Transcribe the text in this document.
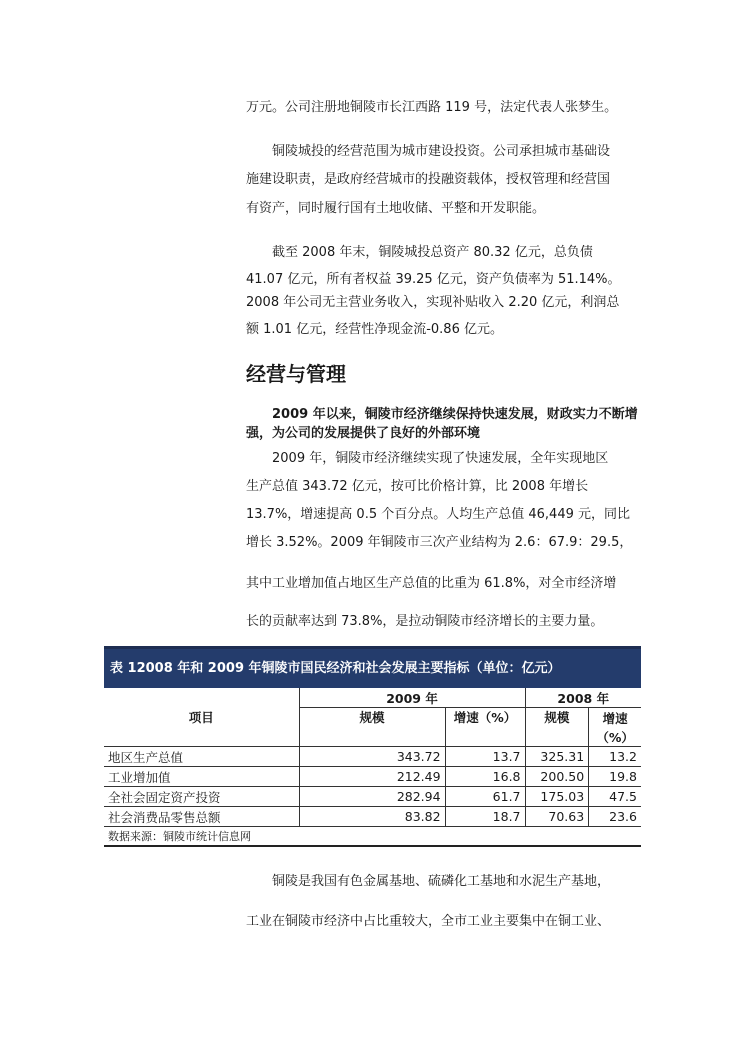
万元。公司注册地铜陵市长江西路 119 号，法定代表人张梦生。

铜陵城投的经营范围为城市建设投资。公司承担城市基础设

施建设职责，是政府经营城市的投融资载体，授权管理和经营国

有资产，同时履行国有土地收储、平整和开发职能。

截至 2008 年末，铜陵城投总资产 80.32 亿元，总负债

41.07 亿元，所有者权益 39.25 亿元，资产负债率为 51.14%。

2008 年公司无主营业务收入，实现补贴收入 2.20 亿元，利润总

额 1.01 亿元，经营性净现金流-0.86 亿元。

经营与管理

2009 年以来，铜陵市经济继续保持快速发展，财政实力不断增强，为公司的发展提供了良好的外部环境

2009 年，铜陵市经济继续实现了快速发展，全年实现地区

生产总值 343.72 亿元，按可比价格计算，比 2008 年增长

13.7%，增速提高 0.5 个百分点。人均生产总值 46,449 元，同比

增长 3.52%。2009 年铜陵市三次产业结构为 2.6：67.9：29.5，

其中工业增加值占地区生产总值的比重为 61.8%，对全市经济增

长的贡献率达到 73.8%，是拉动铜陵市经济增长的主要力量。

表 12008 年和 2009 年铜陵市国民经济和社会发展主要指标（单位：亿元）
项目	2009 年		2008 年	
	规模	增速（%）	规模	增速
				（%）
地区生产总值	343.72	13.7	325.31	13.2
工业增加值	212.49	16.8	200.50	19.8
全社会固定资产投资	282.94	61.7	175.03	47.5
社会消费品零售总额	83.82	18.7	70.63	23.6
数据来源：铜陵市统计信息网				

铜陵是我国有色金属基地、硫磷化工基地和水泥生产基地，

工业在铜陵市经济中占比重较大，全市工业主要集中在铜工业、
